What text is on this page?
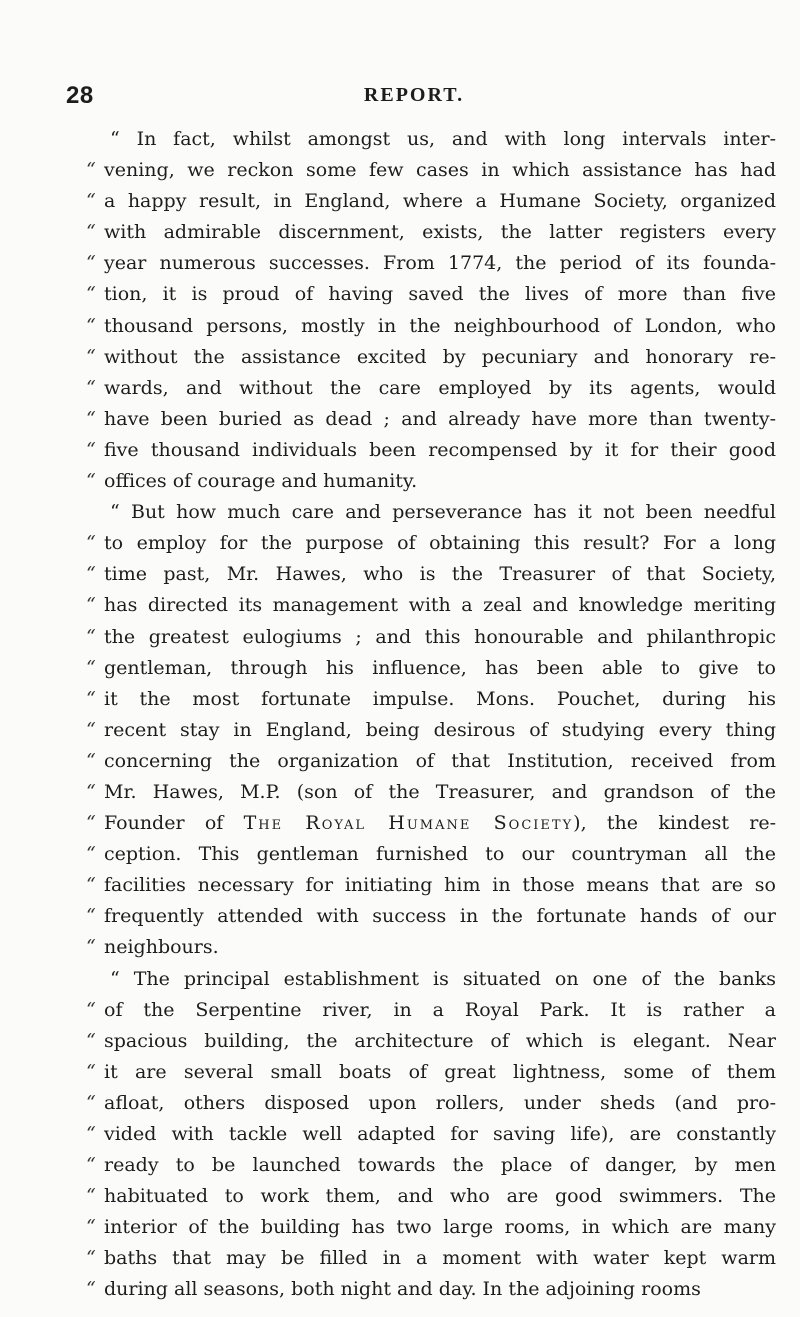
28	REPORT.
“ In fact, whilst amongst us, and with long intervals inter-
“ vening, we reckon some few cases in which assistance has had
“ a happy result, in England, where a Humane Society, organized
“ with admirable discernment, exists, the latter registers every
“ year numerous successes. From 1774, the period of its founda-
“ tion, it is proud of having saved the lives of more than five
“ thousand persons, mostly in the neighbourhood of London, who
“ without the assistance excited by pecuniary and honorary re-
“ wards, and without the care employed by its agents, would
“ have been buried as dead ; and already have more than twenty-
“ five thousand individuals been recompensed by it for their good
“ offices of courage and humanity.
“ But how much care and perseverance has it not been needful
“ to employ for the purpose of obtaining this result? For a long
“ time past, Mr. Hawes, who is the Treasurer of that Society,
“ has directed its management with a zeal and knowledge meriting
“ the greatest eulogiums ; and this honourable and philanthropic
“ gentleman, through his influence, has been able to give to
“ it the most fortunate impulse. Mons. Pouchet, during his
“ recent stay in England, being desirous of studying every thing
“ concerning the organization of that Institution, received from
“ Mr. Hawes, M.P. (son of the Treasurer, and grandson of the
“ Founder of The Royal Humane Society), the kindest re-
“ ception. This gentleman furnished to our countryman all the
“ facilities necessary for initiating him in those means that are so
“ frequently attended with success in the fortunate hands of our
“ neighbours.
“ The principal establishment is situated on one of the banks
“ of the Serpentine river, in a Royal Park. It is rather a
“ spacious building, the architecture of which is elegant. Near
“ it are several small boats of great lightness, some of them
“ afloat, others disposed upon rollers, under sheds (and pro-
“ vided with tackle well adapted for saving life), are constantly
“ ready to be launched towards the place of danger, by men
“ habituated to work them, and who are good swimmers. The
“ interior of the building has two large rooms, in which are many
“ baths that may be filled in a moment with water kept warm
“ during all seasons, both night and day. In the adjoining rooms
